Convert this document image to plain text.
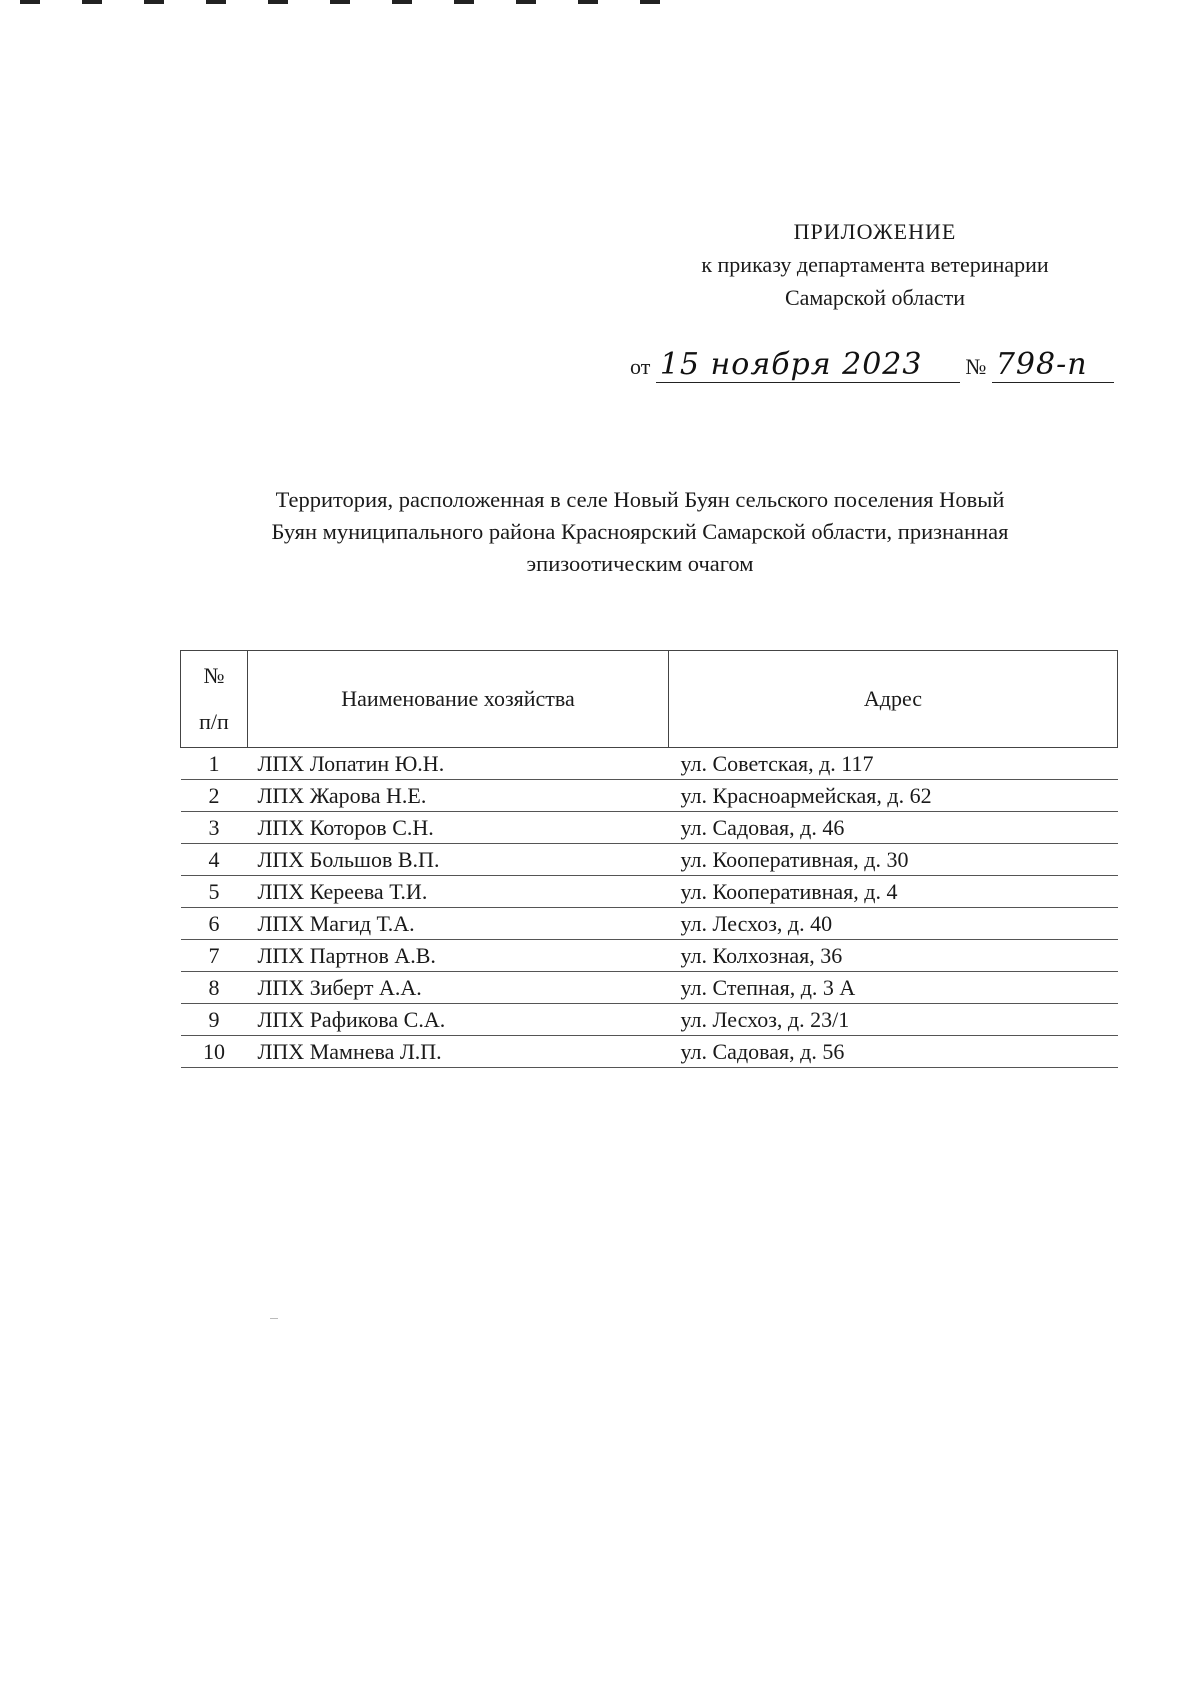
ПРИЛОЖЕНИЕ
к приказу департамента ветеринарии
Самарской области
от 15 ноября 2023 № 798-п
Территория, расположенная в селе Новый Буян сельского поселения Новый
Буян муниципального района Красноярский Самарской области, признанная
эпизоотическим очагом
№
п/п	Наименование хозяйства	Адрес
1	ЛПХ Лопатин Ю.Н.	ул. Советская, д. 117
2	ЛПХ Жарова Н.Е.	ул. Красноармейская, д. 62
3	ЛПХ Которов С.Н.	ул. Садовая, д. 46
4	ЛПХ Большов В.П.	ул. Кооперативная, д. 30
5	ЛПХ Кереева Т.И.	ул. Кооперативная, д. 4
6	ЛПХ Магид Т.А.	ул. Лесхоз, д. 40
7	ЛПХ Партнов А.В.	ул. Колхозная, 36
8	ЛПХ Зиберт А.А.	ул. Степная, д. 3 А
9	ЛПХ Рафикова С.А.	ул. Лесхоз, д. 23/1
10	ЛПХ Мамнева Л.П.	ул. Садовая, д. 56
